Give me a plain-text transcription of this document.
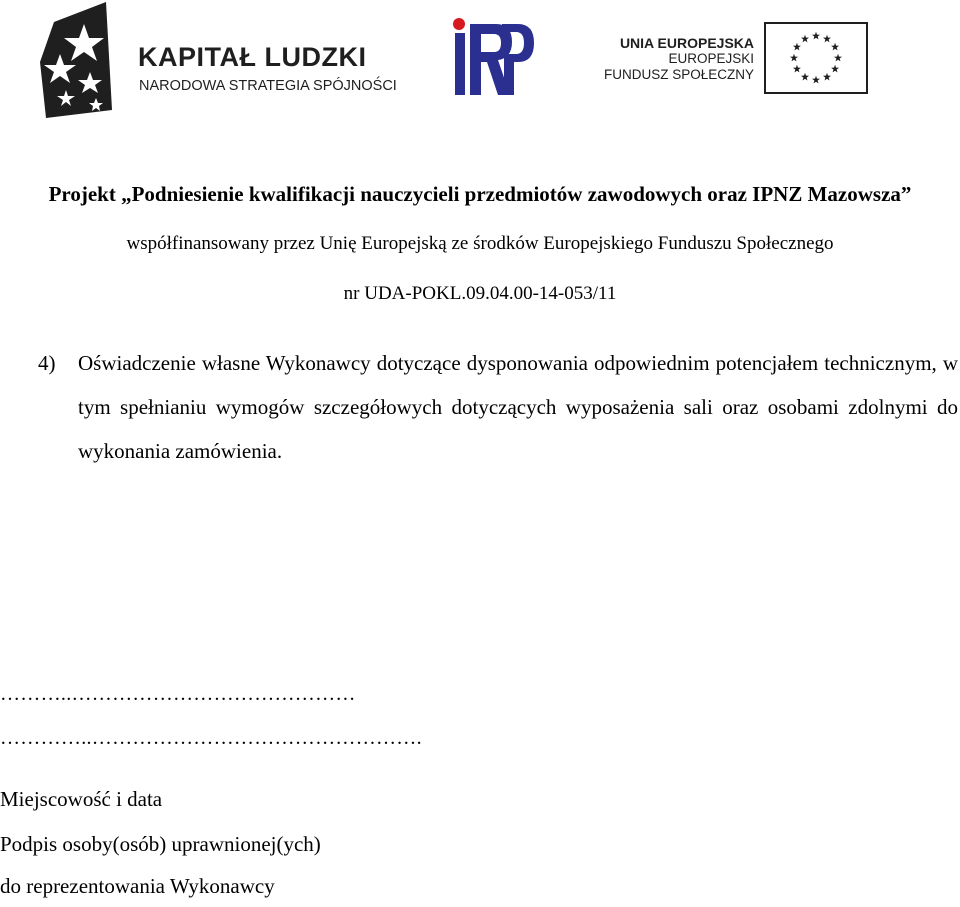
KAPITAŁ LUDZKI
NARODOWA STRATEGIA SPÓJNOŚCI
UNIA EUROPEJSKA
EUROPEJSKI
FUNDUSZ SPOŁECZNY
Projekt „Podniesienie kwalifikacji nauczycieli przedmiotów zawodowych oraz IPNZ Mazowsza”
współfinansowany przez Unię Europejską ze środków Europejskiego Funduszu Społecznego
nr UDA-POKL.09.04.00-14-053/11
4) Oświadczenie własne Wykonawcy dotyczące dysponowania odpowiednim potencjałem technicznym, w tym spełnianiu wymogów szczegółowych dotyczących wyposażenia sali oraz osobami zdolnymi do wykonania zamówienia.
………..……………………………………
…………..………………………………………….
Miejscowość i data
Podpis osoby(osób) uprawnionej(ych)
do reprezentowania Wykonawcy
